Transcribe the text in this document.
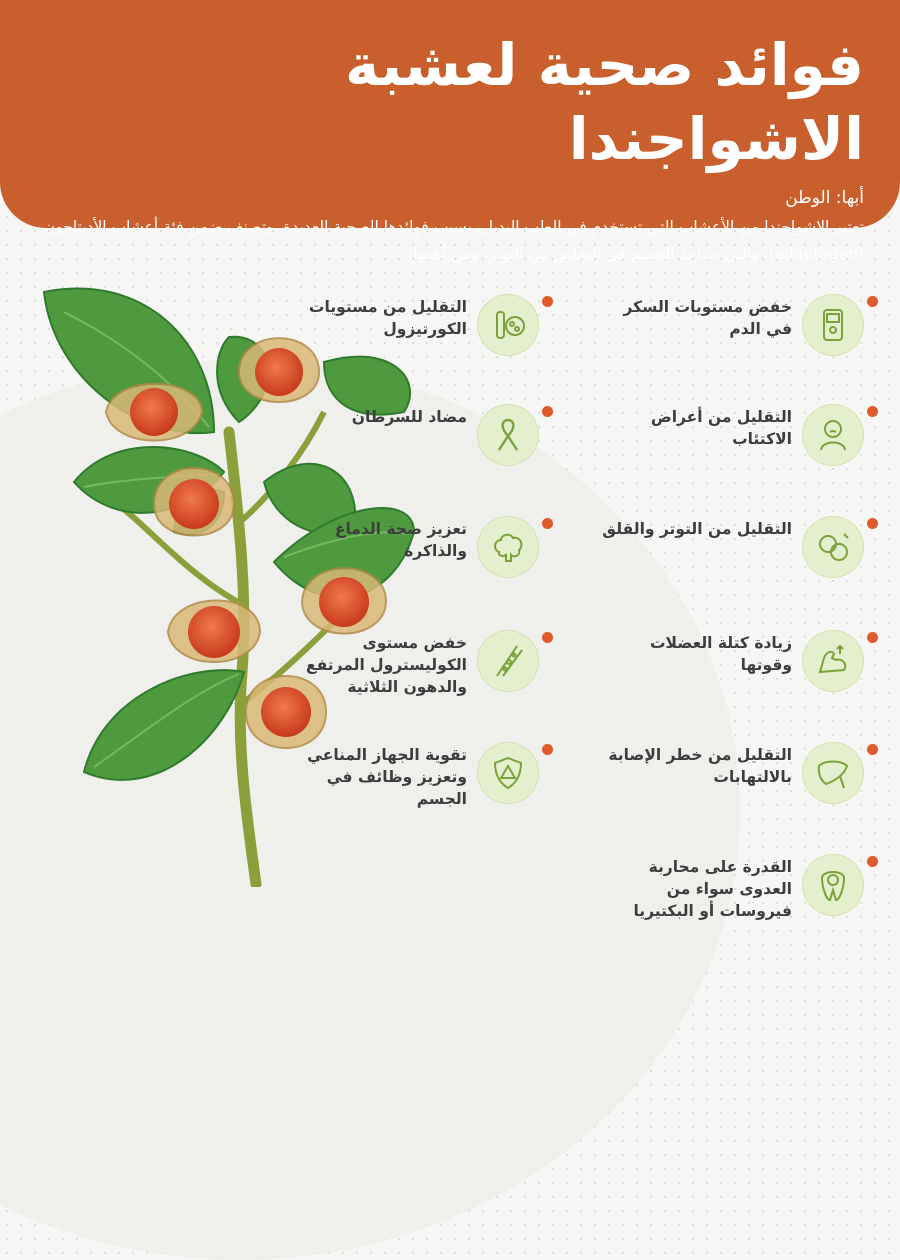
فوائد صحية لعشبة الاشواجندا
أبها: الوطن
تعتبر الاشواجندا من الأعشاب التي تستخدم في الطب البديل، بسبب فوائدها الصحية العديدة، وتصنف ضمن فئة أعشاب الأدبتاجون (adaptogen)، والتي تساعد الجسم في التخلص من التوتر، ومن أهمها:
خفض مستويات السكر في الدم
التقليل من مستويات الكورتيزول
التقليل من أعراض الاكتئاب
مضاد للسرطان
التقليل من التوتر والقلق
تعزيز صحة الدماغ والذاكرة
زيادة كتلة العضلات وقوتها
خفض مستوى الكوليسترول المرتفع والدهون الثلاثية
التقليل من خطر الإصابة بالالتهابات
تقوية الجهاز المناعي وتعزيز وظائف في الجسم
القدرة على محاربة العدوى سواء من فيروسات أو البكتيريا
